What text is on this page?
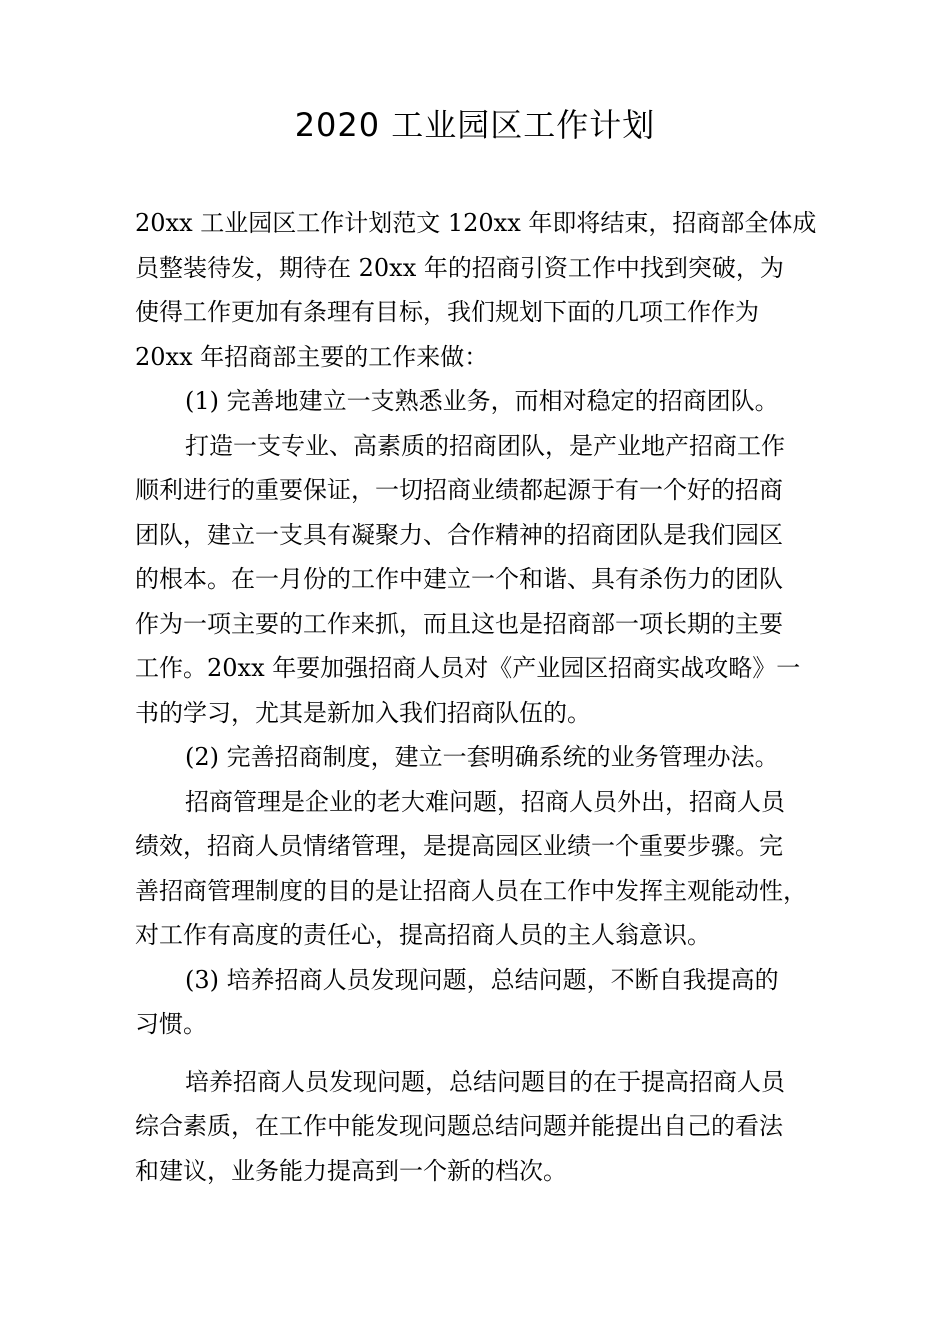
2020 工业园区工作计划
20xx 工业园区工作计划范文 120xx 年即将结束，招商部全体成
员整装待发，期待在 20xx 年的招商引资工作中找到突破，为
使得工作更加有条理有目标，我们规划下面的几项工作作为
20xx 年招商部主要的工作来做：
(1) 完善地建立一支熟悉业务，而相对稳定的招商团队。
打造一支专业、高素质的招商团队，是产业地产招商工作
顺利进行的重要保证，一切招商业绩都起源于有一个好的招商
团队，建立一支具有凝聚力、合作精神的招商团队是我们园区
的根本。在一月份的工作中建立一个和谐、具有杀伤力的团队
作为一项主要的工作来抓，而且这也是招商部一项长期的主要
工作。20xx 年要加强招商人员对《产业园区招商实战攻略》一
书的学习，尤其是新加入我们招商队伍的。
(2) 完善招商制度，建立一套明确系统的业务管理办法。
招商管理是企业的老大难问题，招商人员外出，招商人员
绩效，招商人员情绪管理，是提高园区业绩一个重要步骤。完
善招商管理制度的目的是让招商人员在工作中发挥主观能动性，
对工作有高度的责任心，提高招商人员的主人翁意识。
(3) 培养招商人员发现问题，总结问题，不断自我提高的
习惯。
培养招商人员发现问题，总结问题目的在于提高招商人员
综合素质，在工作中能发现问题总结问题并能提出自己的看法
和建议，业务能力提高到一个新的档次。
